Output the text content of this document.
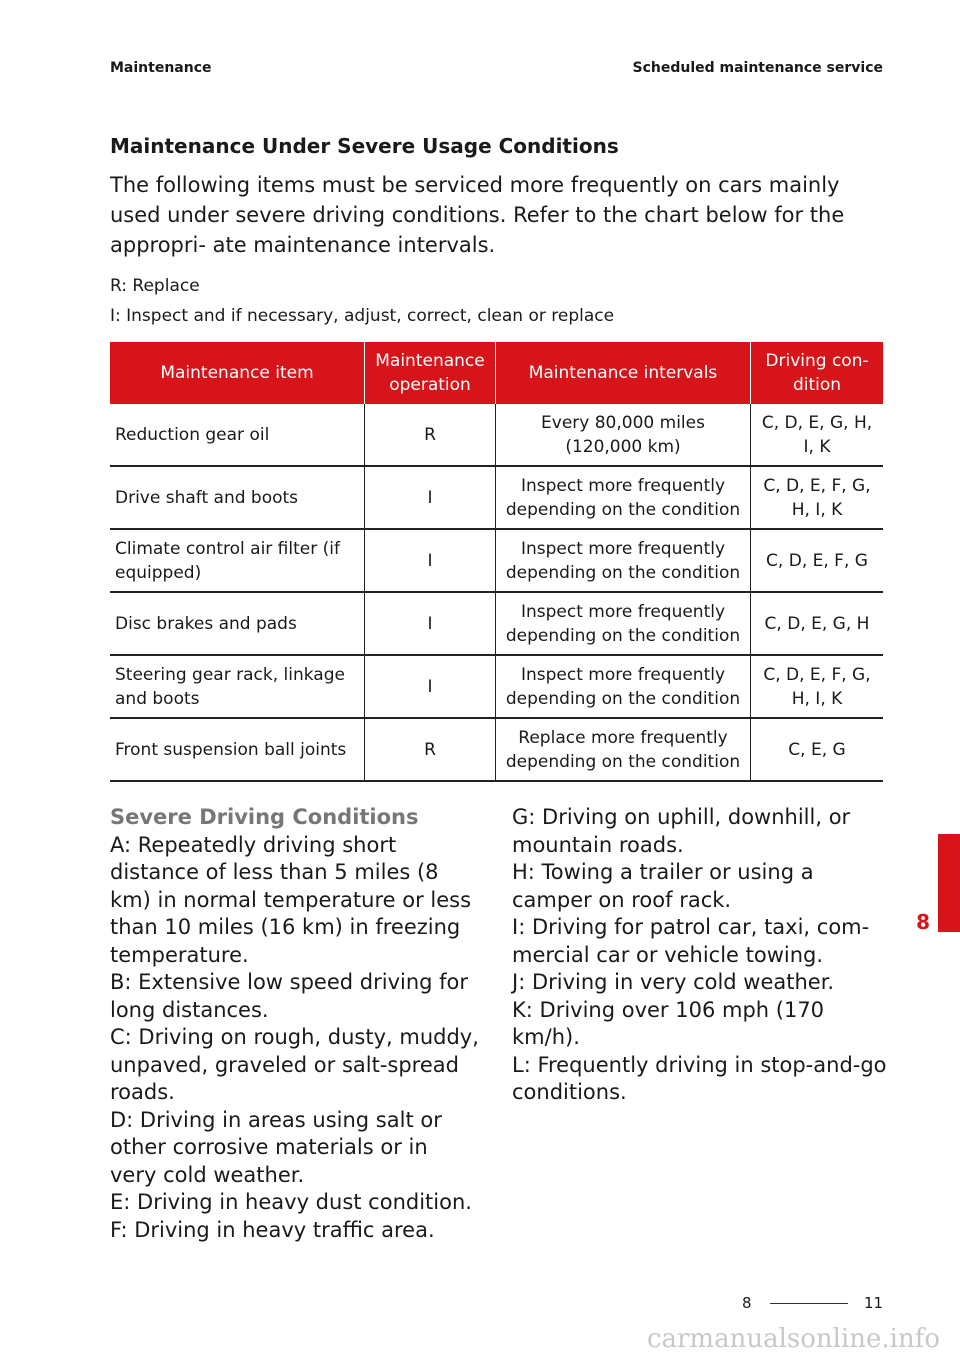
Maintenance	Scheduled maintenance service
Maintenance Under Severe Usage Conditions
The following items must be serviced more frequently on cars mainly used under severe driving conditions. Refer to the chart below for the appropri- ate maintenance intervals.
R: Replace
I: Inspect and if necessary, adjust, correct, clean or replace
Maintenance item	Maintenance operation	Maintenance intervals	Driving con- dition
Reduction gear oil	R	Every 80,000 miles (120,000 km)	C, D, E, G, H, I, K
Drive shaft and boots	I	Inspect more frequently depending on the condition	C, D, E, F, G, H, I, K
Climate control air filter (if equipped)	I	Inspect more frequently depending on the condition	C, D, E, F, G
Disc brakes and pads	I	Inspect more frequently depending on the condition	C, D, E, G, H
Steering gear rack, linkage and boots	I	Inspect more frequently depending on the condition	C, D, E, F, G, H, I, K
Front suspension ball joints	R	Replace more frequently depending on the condition	C, E, G
Severe Driving Conditions
A: Repeatedly driving short distance of less than 5 miles (8 km) in normal temperature or less than 10 miles (16 km) in freezing temperature.
B: Extensive low speed driving for long distances.
C: Driving on rough, dusty, muddy, unpaved, graveled or salt-spread roads.
D: Driving in areas using salt or other corrosive materials or in very cold weather.
E: Driving in heavy dust condition.
F: Driving in heavy traffic area.
G: Driving on uphill, downhill, or mountain roads.
H: Towing a trailer or using a camper on roof rack.
I: Driving for patrol car, taxi, com- mercial car or vehicle towing.
J: Driving in very cold weather.
K: Driving over 106 mph (170 km/h).
L: Frequently driving in stop-and-go conditions.
8
8	11
carmanualsonline.info
